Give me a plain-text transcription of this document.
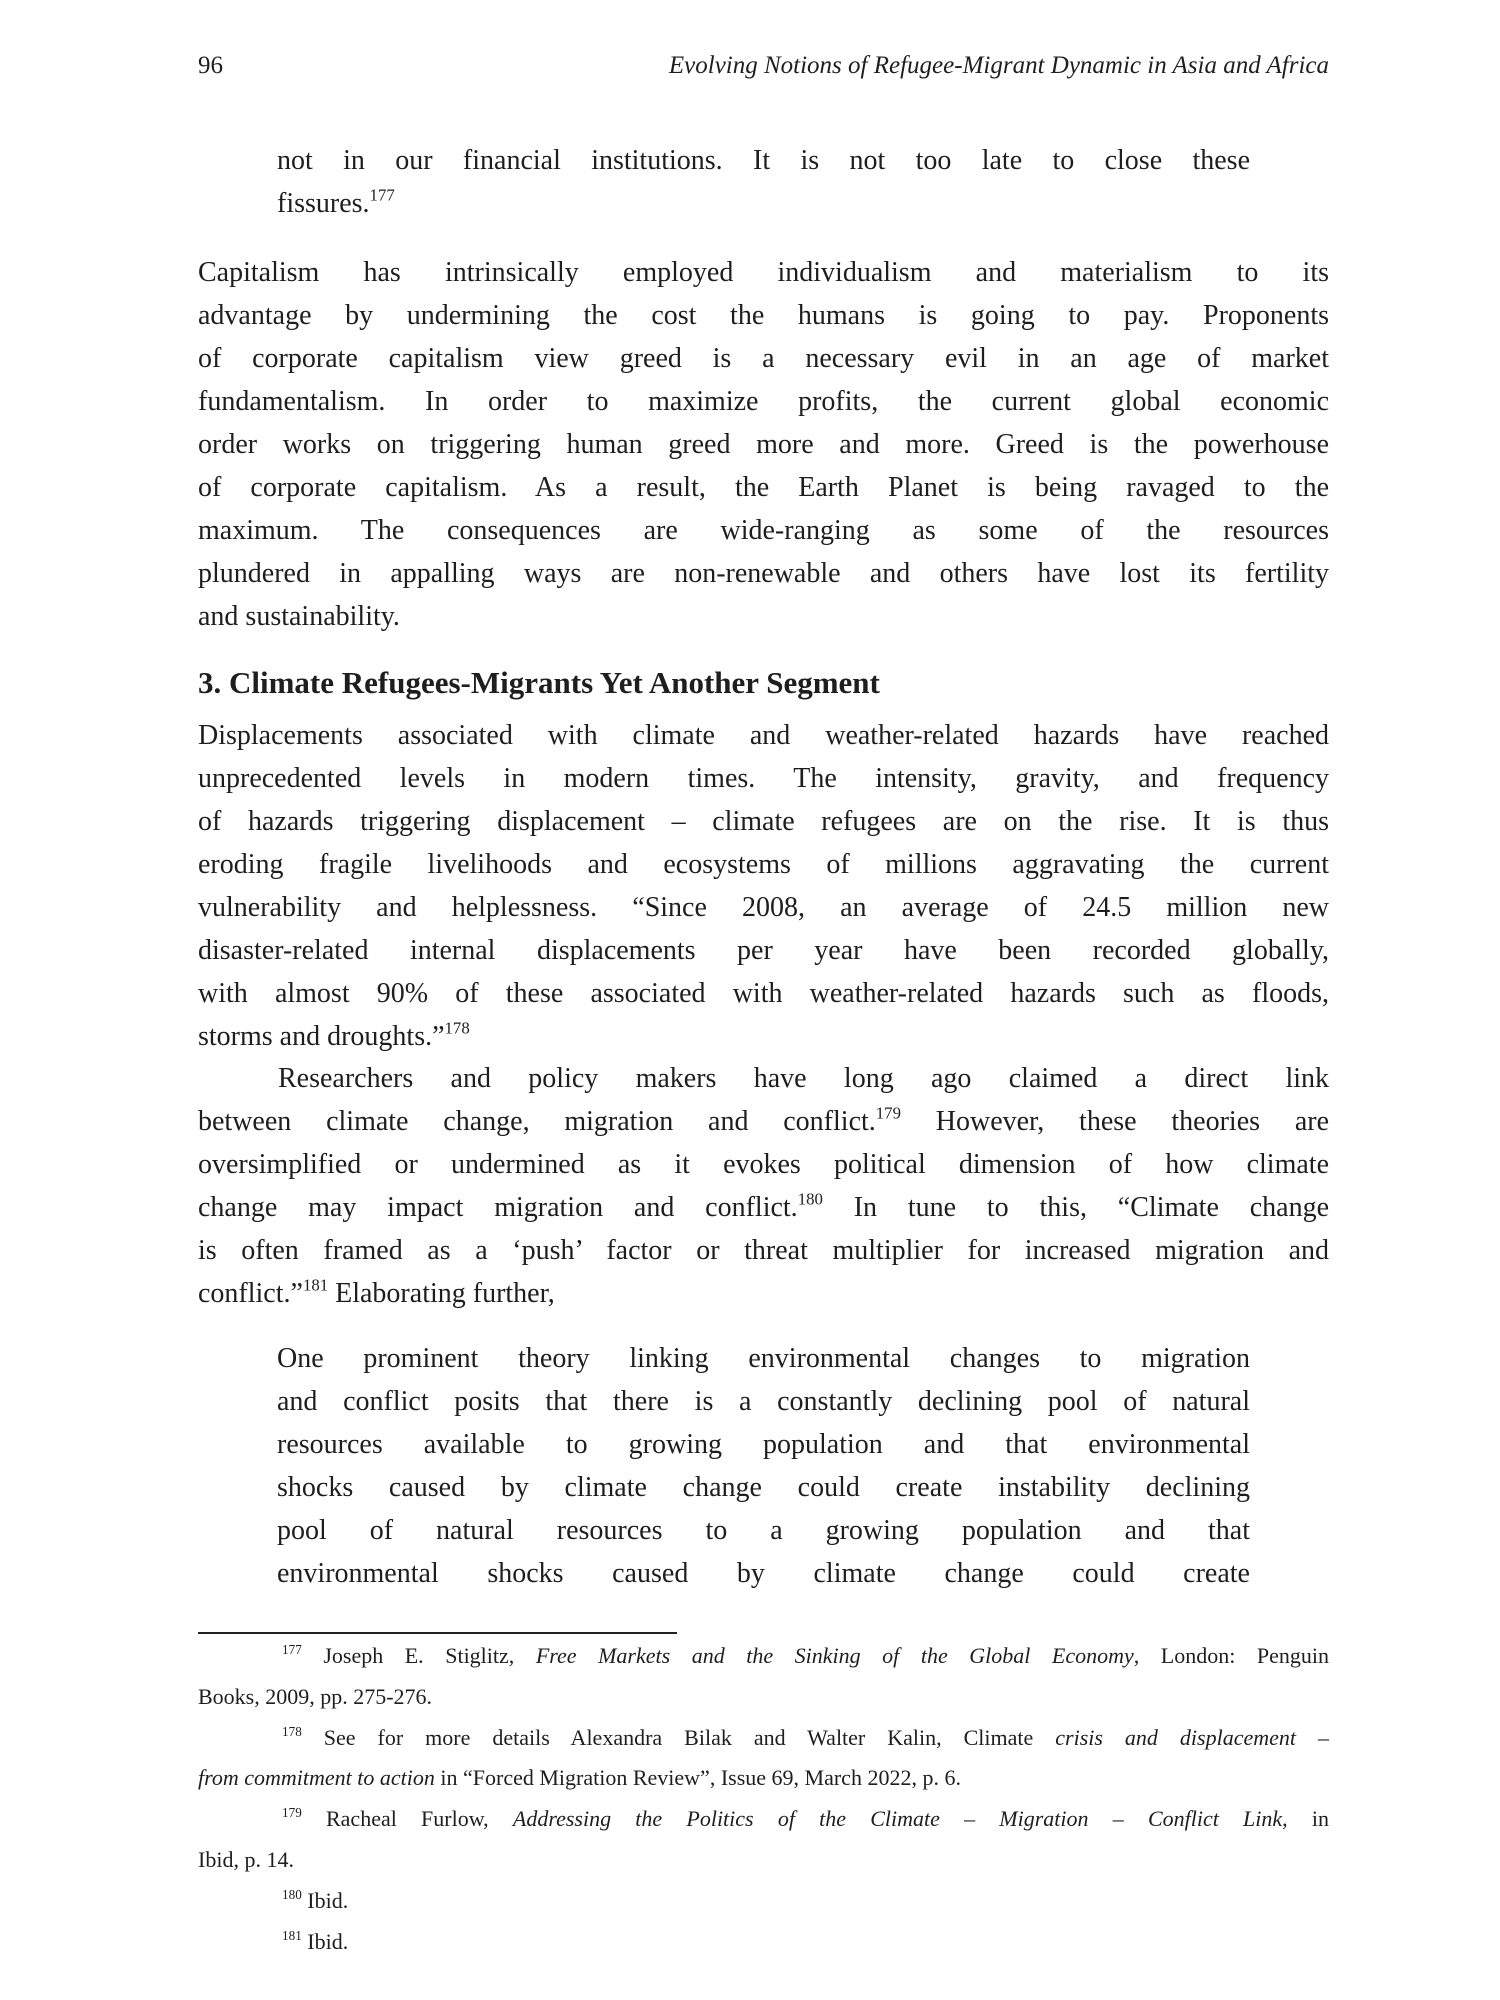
96	Evolving Notions of Refugee-Migrant Dynamic in Asia and Africa
not in our financial institutions. It is not too late to close these
fissures.$^{177}$
Capitalism has intrinsically employed individualism and materialism to its
advantage by undermining the cost the humans is going to pay. Proponents
of corporate capitalism view greed is a necessary evil in an age of market
fundamentalism. In order to maximize profits, the current global economic
order works on triggering human greed more and more. Greed is the powerhouse
of corporate capitalism. As a result, the Earth Planet is being ravaged to the
maximum. The consequences are wide-ranging as some of the resources
plundered in appalling ways are non-renewable and others have lost its fertility
and sustainability.
3. Climate Refugees-Migrants Yet Another Segment
Displacements associated with climate and weather-related hazards have reached
unprecedented levels in modern times. The intensity, gravity, and frequency
of hazards triggering displacement – climate refugees are on the rise. It is thus
eroding fragile livelihoods and ecosystems of millions aggravating the current
vulnerability and helplessness. “Since 2008, an average of 24.5 million new
disaster-related internal displacements per year have been recorded globally,
with almost 90% of these associated with weather-related hazards such as floods,
storms and droughts.”$^{178}$
Researchers and policy makers have long ago claimed a direct link
between climate change, migration and conflict.$^{179}$ However, these theories are
oversimplified or undermined as it evokes political dimension of how climate
change may impact migration and conflict.$^{180}$ In tune to this, “Climate change
is often framed as a ‘push’ factor or threat multiplier for increased migration and
conflict.”$^{181}$ Elaborating further,
One prominent theory linking environmental changes to migration
and conflict posits that there is a constantly declining pool of natural
resources available to growing population and that environmental
shocks caused by climate change could create instability declining
pool of natural resources to a growing population and that
environmental shocks caused by climate change could create
$^{177}$ Joseph E. Stiglitz, Free Markets and the Sinking of the Global Economy, London: Penguin
Books, 2009, pp. 275-276.
$^{178}$ See for more details Alexandra Bilak and Walter Kalin, Climate crisis and displacement –
from commitment to action in “Forced Migration Review”, Issue 69, March 2022, p. 6.
$^{179}$ Racheal Furlow, Addressing the Politics of the Climate – Migration – Conflict Link, in
Ibid, p. 14.
$^{180}$ Ibid.
$^{181}$ Ibid.
